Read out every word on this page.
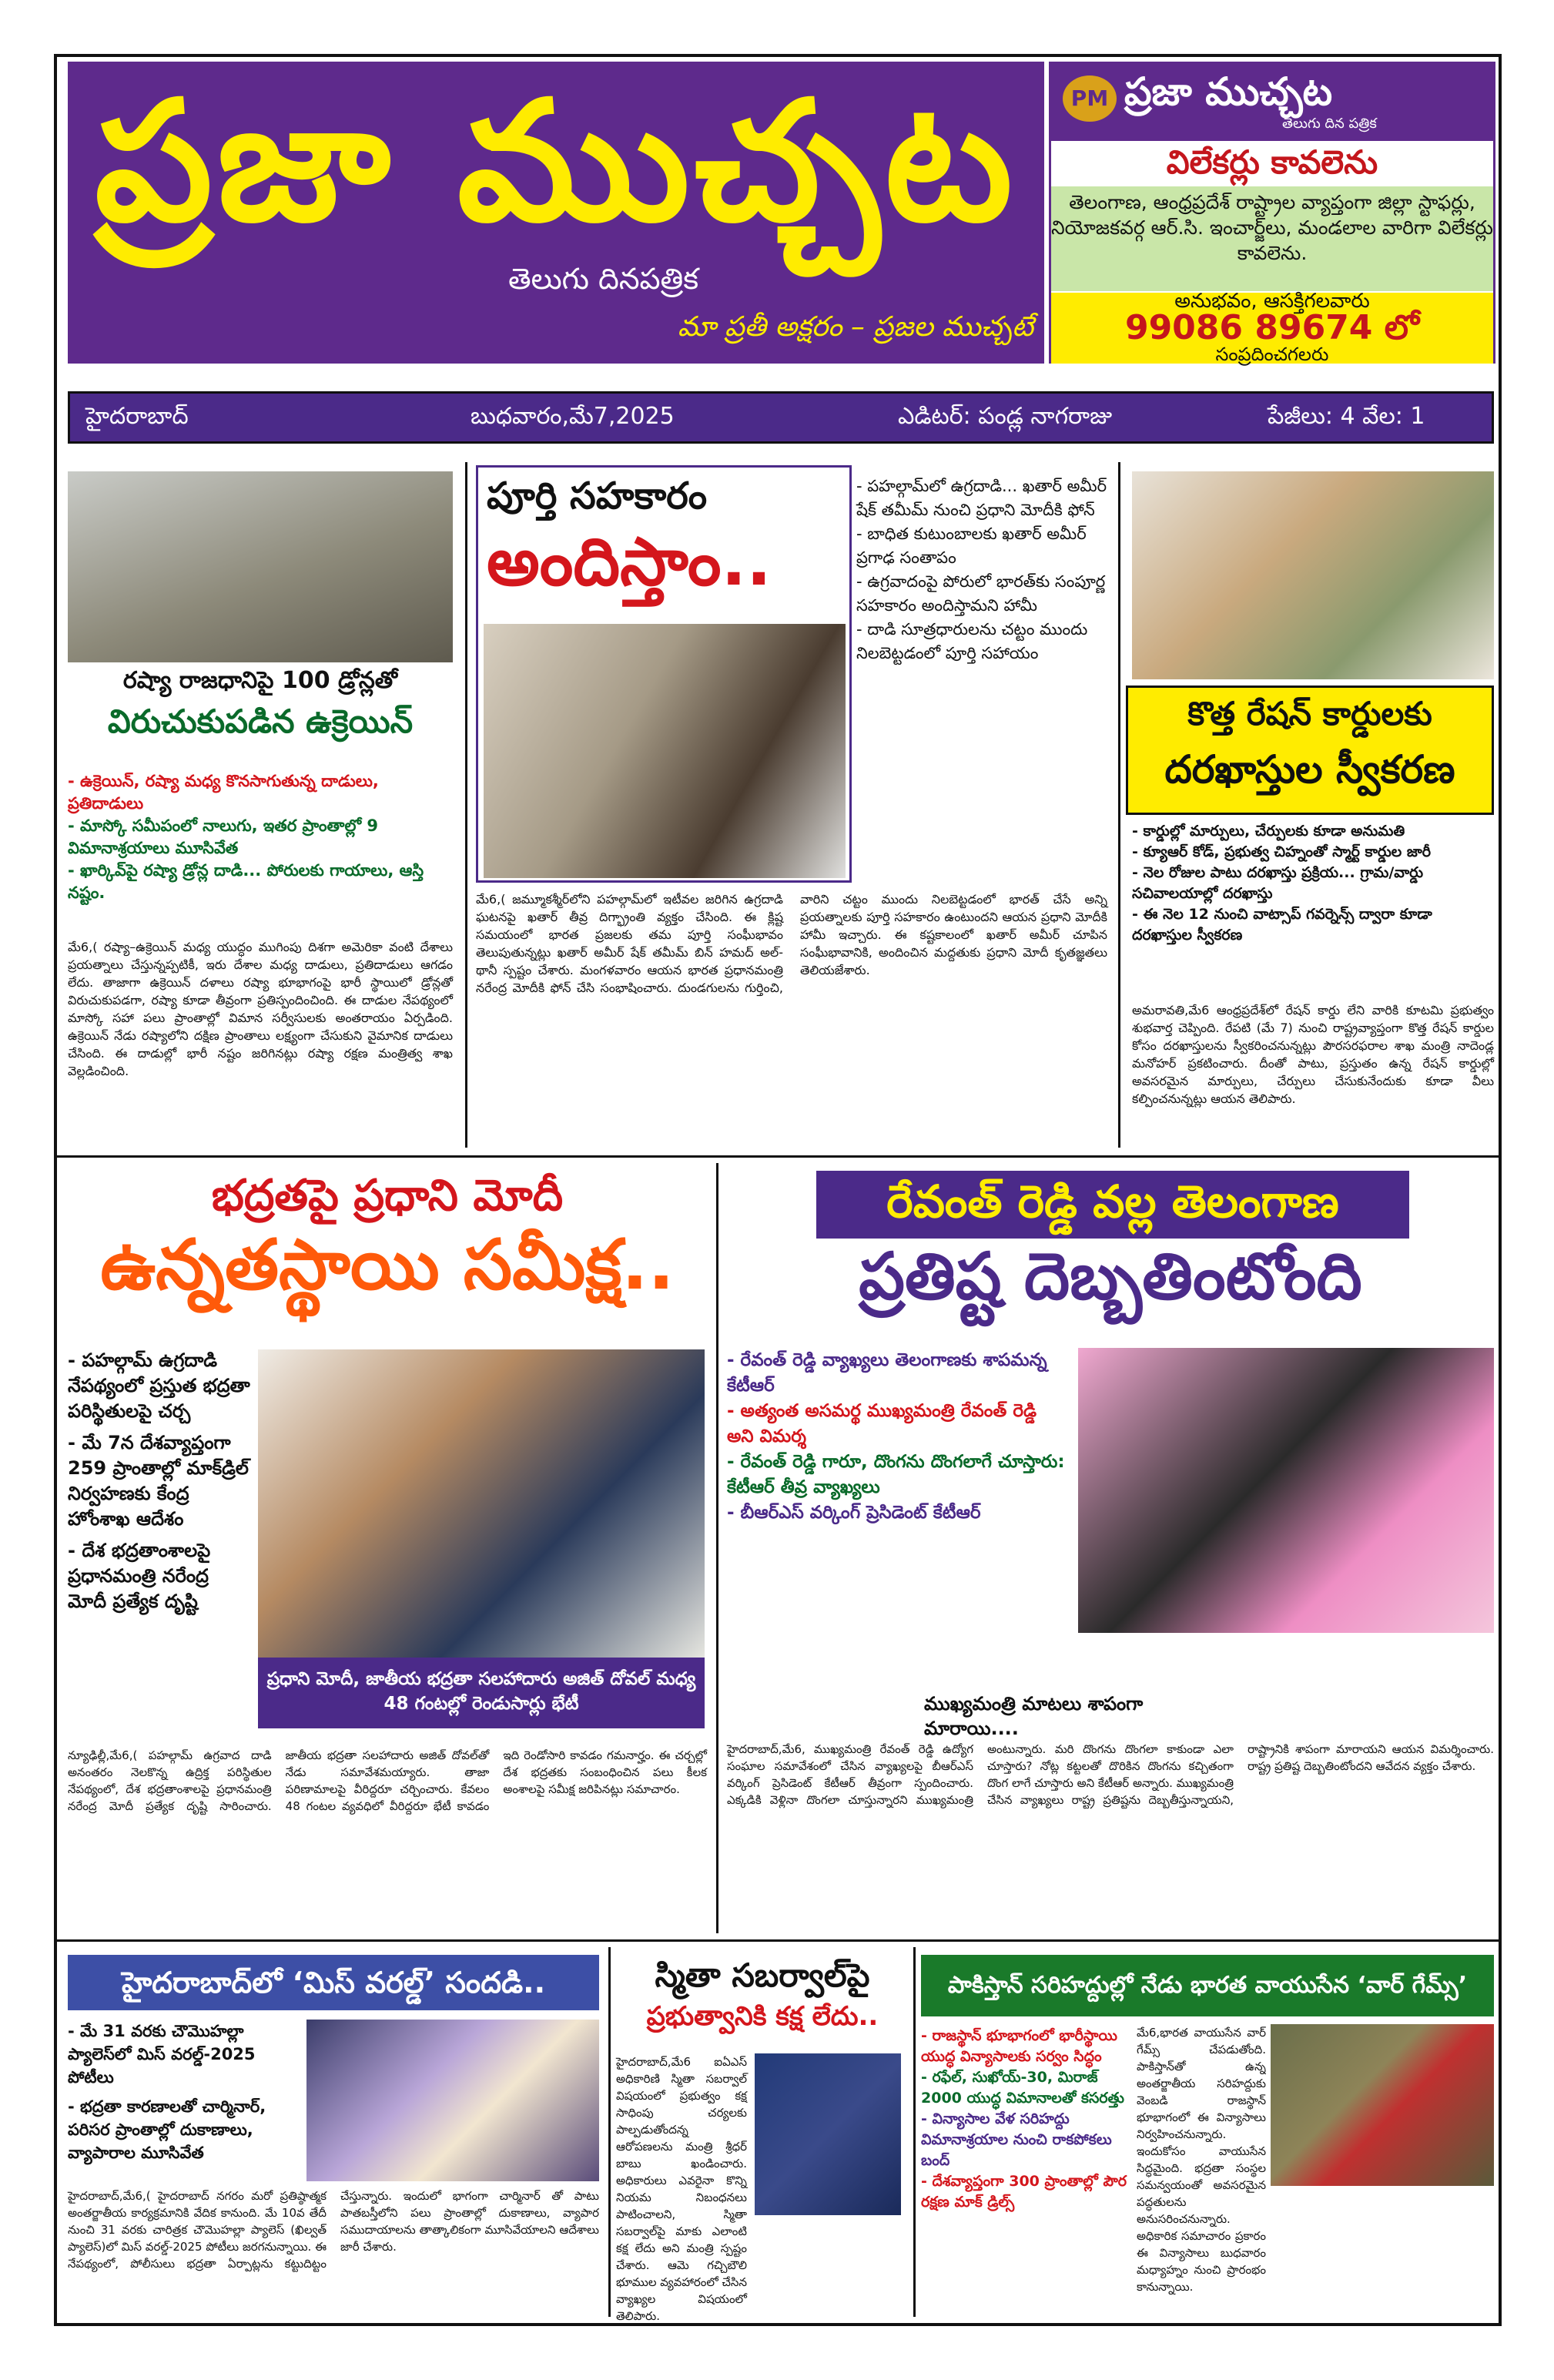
ప్రజా ముచ్చట
తెలుగు దినపత్రిక
మా ప్రతీ అక్షరం – ప్రజల ముచ్చటే
PM ప్రజా ముచ్చట
తెలుగు దిన పత్రిక
విలేకర్లు కావలెను
తెలంగాణ, ఆంధ్రప్రదేశ్ రాష్ట్రాల వ్యాప్తంగా జిల్లా స్టాఫర్లు, నియోజకవర్గ ఆర్.సి. ఇంచార్జ్‌లు, మండలాల వారిగా విలేకర్లు కావలెను.
అనుభవం, ఆసక్తిగలవారు
99086 89674 లో
సంప్రదించగలరు
హైదరాబాద్	బుధవారం,మే7,2025	ఎడిటర్: పండ్ల నాగరాజు	పేజీలు: 4 వేల: 1
రష్యా రాజధానిపై 100 డ్రోన్లతో
విరుచుకుపడిన ఉక్రెయిన్
- ఉక్రెయిన్, రష్యా మధ్య కొనసాగుతున్న దాడులు, ప్రతిదాడులు
- మాస్కో సమీపంలో నాలుగు, ఇతర ప్రాంతాల్లో 9 విమానాశ్రయాలు మూసివేత
- ఖార్కివ్‌పై రష్యా డ్రోన్ల దాడి... పోరులకు గాయాలు, ఆస్తి నష్టం.
మే6,( రష్యా–ఉక్రెయిన్ మధ్య యుద్ధం ముగింపు దిశగా అమెరికా వంటి దేశాలు ప్రయత్నాలు చేస్తున్నప్పటికీ, ఇరు దేశాల మధ్య దాడులు, ప్రతిదాడులు ఆగడం లేదు. తాజాగా ఉక్రెయిన్ దళాలు రష్యా భూభాగంపై భారీ స్థాయిలో డ్రోన్లతో విరుచుకుపడగా, రష్యా కూడా తీవ్రంగా ప్రతిస్పందించింది. ఈ దాడుల నేపథ్యంలో మాస్కో సహా పలు ప్రాంతాల్లో విమాన సర్వీసులకు అంతరాయం ఏర్పడింది. ఉక్రెయిన్ నేడు రష్యాలోని దక్షిణ ప్రాంతాలు లక్ష్యంగా చేసుకుని వైమానిక దాడులు చేసింది. ఈ దాడుల్లో భారీ నష్టం జరిగినట్లు రష్యా రక్షణ మంత్రిత్వ శాఖ వెల్లడించింది.
పూర్తి సహకారం
అందిస్తాం..
- పహల్గామ్‌లో ఉగ్రదాడి... ఖతార్ అమీర్ షేక్ తమీమ్ నుంచి ప్రధాని మోదీకి ఫోన్
- బాధిత కుటుంబాలకు ఖతార్ అమీర్ ప్రగాఢ సంతాపం
- ఉగ్రవాదంపై పోరులో భారత్‌కు సంపూర్ణ సహకారం అందిస్తామని హామీ
- దాడి సూత్రధారులను చట్టం ముందు నిలబెట్టడంలో పూర్తి సహాయం
మే6,( జమ్మూకశ్మీర్‌లోని పహల్గామ్‌లో ఇటీవల జరిగిన ఉగ్రదాడి ఘటనపై ఖతార్ తీవ్ర దిగ్భ్రాంతి వ్యక్తం చేసింది. ఈ క్లిష్ట సమయంలో భారత ప్రజలకు తమ పూర్తి సంఘీభావం తెలుపుతున్నట్లు ఖతార్ అమీర్ షేక్ తమీమ్ బిన్ హమద్ అల్-థానీ స్పష్టం చేశారు. మంగళవారం ఆయన భారత ప్రధానమంత్రి నరేంద్ర మోదీకి ఫోన్ చేసి సంభాషించారు. దుండగులను గుర్తించి, వారిని చట్టం ముందు నిలబెట్టడంలో భారత్ చేసే అన్ని ప్రయత్నాలకు పూర్తి సహకారం ఉంటుందని ఆయన ప్రధాని మోదీకి హామీ ఇచ్చారు. ఈ కష్టకాలంలో ఖతార్ అమీర్ చూపిన సంఘీభావానికి, అందించిన మద్దతుకు ప్రధాని మోదీ కృతజ్ఞతలు తెలియజేశారు.
కొత్త రేషన్ కార్డులకు
దరఖాస్తుల స్వీకరణ
- కార్డుల్లో మార్పులు, చేర్పులకు కూడా అనుమతి
- క్యూఆర్ కోడ్, ప్రభుత్వ చిహ్నంతో స్మార్ట్ కార్డుల జారీ
- నెల రోజుల పాటు దరఖాస్తు ప్రక్రియ... గ్రామ/వార్డు సచివాలయాల్లో దరఖాస్తు
- ఈ నెల 12 నుంచి వాట్సాప్ గవర్నెన్స్ ద్వారా కూడా దరఖాస్తుల స్వీకరణ
అమరావతి,మే6 ఆంధ్రప్రదేశ్‌లో రేషన్ కార్డు లేని వారికి కూటమి ప్రభుత్వం శుభవార్త చెప్పింది. రేపటి (మే 7) నుంచి రాష్ట్రవ్యాప్తంగా కొత్త రేషన్ కార్డుల కోసం దరఖాస్తులను స్వీకరించనున్నట్లు పౌరసరఫరాల శాఖ మంత్రి నాదెండ్ల మనోహర్ ప్రకటించారు. దీంతో పాటు, ప్రస్తుతం ఉన్న రేషన్ కార్డుల్లో అవసరమైన మార్పులు, చేర్పులు చేసుకునేందుకు కూడా వీలు కల్పించనున్నట్లు ఆయన తెలిపారు.
భద్రతపై ప్రధాని మోదీ
ఉన్నతస్థాయి సమీక్ష..
- పహల్గామ్ ఉగ్రదాడి నేపథ్యంలో ప్రస్తుత భద్రతా పరిస్థితులపై చర్చ
- మే 7న దేశవ్యాప్తంగా 259 ప్రాంతాల్లో మాక్‌డ్రిల్ నిర్వహణకు కేంద్ర హోంశాఖ ఆదేశం
- దేశ భద్రతాంశాలపై ప్రధానమంత్రి నరేంద్ర మోదీ ప్రత్యేక దృష్టి
ప్రధాని మోదీ, జాతీయ భద్రతా సలహాదారు అజిత్ దోవల్ మధ్య 48 గంటల్లో రెండుసార్లు భేటీ
న్యూఢిల్లీ,మే6,( పహల్గామ్ ఉగ్రవాద దాడి అనంతరం నెలకొన్న ఉద్రిక్త పరిస్థితుల నేపథ్యంలో, దేశ భద్రతాంశాలపై ప్రధానమంత్రి నరేంద్ర మోదీ ప్రత్యేక దృష్టి సారించారు. జాతీయ భద్రతా సలహాదారు అజిత్ దోవల్‌తో నేడు సమావేశమయ్యారు. తాజా పరిణామాలపై వీరిద్దరూ చర్చించారు. కేవలం 48 గంటల వ్యవధిలో వీరిద్దరూ భేటీ కావడం ఇది రెండోసారి కావడం గమనార్హం. ఈ చర్చల్లో దేశ భద్రతకు సంబంధించిన పలు కీలక అంశాలపై సమీక్ష జరిపినట్లు సమాచారం.
రేవంత్ రెడ్డి వల్ల తెలంగాణ
ప్రతిష్ట దెబ్బతింటోంది
- రేవంత్ రెడ్డి వ్యాఖ్యలు తెలంగాణకు శాపమన్న కేటీఆర్
- అత్యంత అసమర్థ ముఖ్యమంత్రి రేవంత్ రెడ్డి అని విమర్శ
- రేవంత్ రెడ్డి గారూ, దొంగను దొంగలాగే చూస్తారు: కేటీఆర్ తీవ్ర వ్యాఖ్యలు
- బీఆర్ఎస్ వర్కింగ్ ప్రెసిడెంట్ కేటీఆర్
ముఖ్యమంత్రి మాటలు శాపంగా మారాయి....
హైదరాబాద్,మే6, ముఖ్యమంత్రి రేవంత్ రెడ్డి ఉద్యోగ సంఘాల సమావేశంలో చేసిన వ్యాఖ్యలపై బీఆర్ఎస్ వర్కింగ్ ప్రెసిడెంట్ కేటీఆర్ తీవ్రంగా స్పందించారు. ఎక్కడికి వెళ్లినా దొంగలా చూస్తున్నారని ముఖ్యమంత్రి అంటున్నారు. మరి దొంగను దొంగలా కాకుండా ఎలా చూస్తారు? నోట్ల కట్టలతో దొరికిన దొంగను కచ్చితంగా దొంగ లాగే చూస్తారు అని కేటీఆర్ అన్నారు. ముఖ్యమంత్రి చేసిన వ్యాఖ్యలు రాష్ట్ర ప్రతిష్టను దెబ్బతీస్తున్నాయని, రాష్ట్రానికి శాపంగా మారాయని ఆయన విమర్శించారు. రాష్ట్ర ప్రతిష్ట దెబ్బతింటోందని ఆవేదన వ్యక్తం చేశారు.
హైదరాబాద్‌లో ‘మిస్ వరల్డ్’ సందడి..
- మే 31 వరకు చౌమొహల్లా ప్యాలెస్‌లో మిస్ వరల్డ్-2025 పోటీలు
- భద్రతా కారణాలతో చార్మినార్, పరిసర ప్రాంతాల్లో దుకాణాలు, వ్యాపారాల మూసివేత
హైదరాబాద్,మే6,( హైదరాబాద్ నగరం మరో ప్రతిష్ఠాత్మక అంతర్జాతీయ కార్యక్రమానికి వేదిక కానుంది. మే 10వ తేదీ నుంచి 31 వరకు చారిత్రక చౌమొహల్లా ప్యాలెస్ (ఖిల్వత్ ప్యాలెస్)లో మిస్ వరల్డ్-2025 పోటీలు జరగనున్నాయి. ఈ నేపథ్యంలో, పోలీసులు భద్రతా ఏర్పాట్లను కట్టుదిట్టం చేస్తున్నారు. ఇందులో భాగంగా చార్మినార్ తో పాటు పాతబస్తీలోని పలు ప్రాంతాల్లో దుకాణాలు, వ్యాపార సముదాయాలను తాత్కాలికంగా మూసివేయాలని ఆదేశాలు జారీ చేశారు.
స్మితా సబర్వాల్‌పై
ప్రభుత్వానికి కక్ష లేదు..
హైదరాబాద్,మే6 ఐఏఎస్ అధికారిణి స్మితా సబర్వాల్ విషయంలో ప్రభుత్వం కక్ష సాధింపు చర్యలకు పాల్పడుతోందన్న ఆరోపణలను మంత్రి శ్రీధర్ బాబు ఖండించారు. అధికారులు ఎవరైనా కొన్ని నియమ నిబంధనలు పాటించాలని, స్మితా సబర్వాల్‌పై మాకు ఎలాంటి కక్ష లేదు అని మంత్రి స్పష్టం చేశారు. ఆమె గచ్చిబౌలి భూముల వ్యవహారంలో చేసిన వ్యాఖ్యల విషయంలో తెలిపారు.
పాకిస్తాన్ సరిహద్దుల్లో నేడు భారత వాయుసేన ‘వార్ గేమ్స్’
- రాజస్థాన్ భూభాగంలో భారీస్థాయి యుద్ధ విన్యాసాలకు సర్వం సిద్ధం
- రఫేల్, సుఖోయ్-30, మిరాజ్ 2000 యుద్ధ విమానాలతో కసరత్తు
- విన్యాసాల వేళ సరిహద్దు విమానాశ్రయాల నుంచి రాకపోకలు బంద్
- దేశవ్యాప్తంగా 300 ప్రాంతాల్లో పౌర రక్షణ మాక్ డ్రిల్స్
మే6,భారత వాయుసేన వార్ గేమ్స్ చేపడుతోంది. పాకిస్తాన్‌తో ఉన్న అంతర్జాతీయ సరిహద్దుకు వెంబడి రాజస్థాన్ భూభాగంలో ఈ విన్యాసాలు నిర్వహించనున్నారు. ఇందుకోసం వాయుసేన సిద్ధమైంది. భద్రతా సంస్థల సమన్వయంతో అవసరమైన పద్ధతులను అనుసరించనున్నారు. అధికారిక సమాచారం ప్రకారం ఈ విన్యాసాలు బుధవారం మధ్యాహ్నం నుంచి ప్రారంభం కానున్నాయి.
